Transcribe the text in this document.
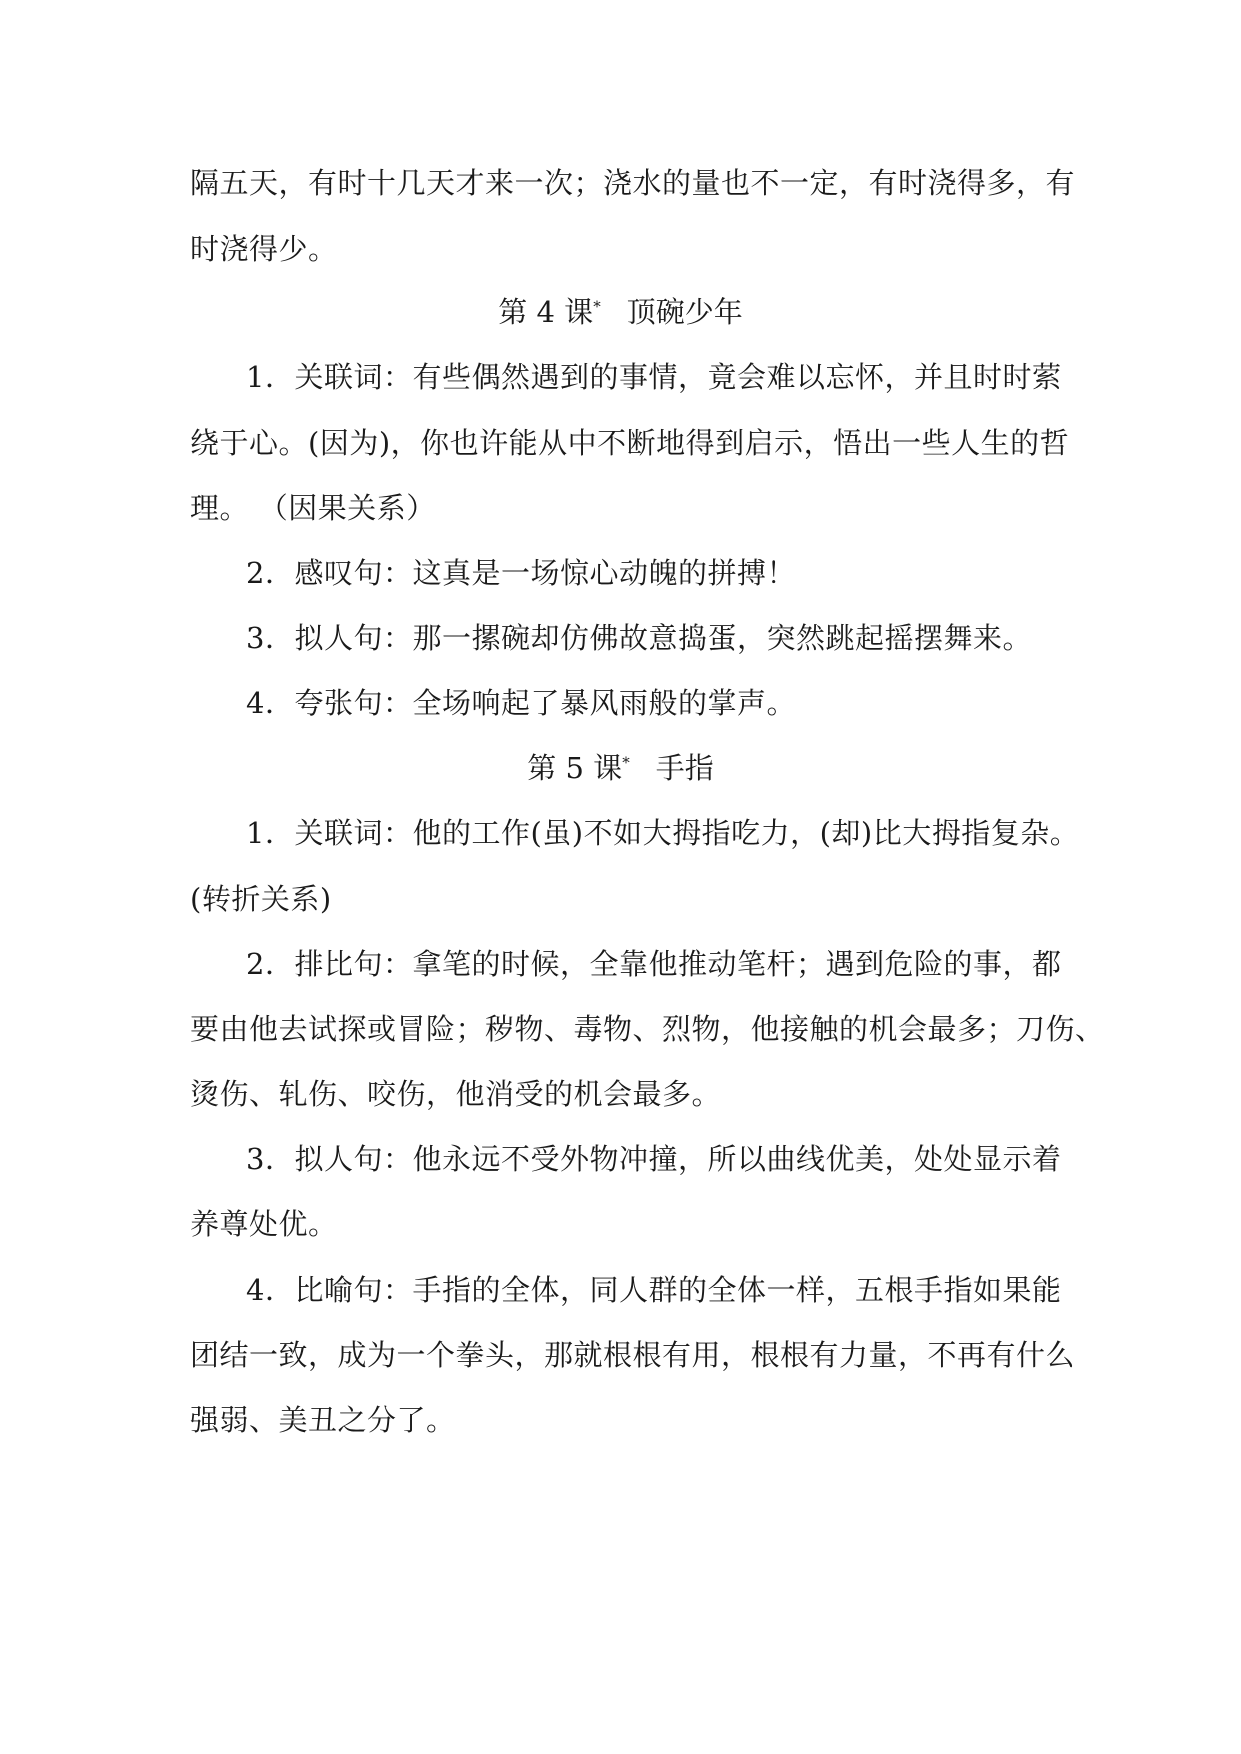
隔五天，有时十几天才来一次；浇水的量也不一定，有时浇得多，有
时浇得少。
第 4 课* 顶碗少年
1．关联词：有些偶然遇到的事情，竟会难以忘怀，并且时时萦
绕于心。(因为)，你也许能从中不断地得到启示，悟出一些人生的哲
理。 （因果关系）
2．感叹句：这真是一场惊心动魄的拼搏！
3．拟人句：那一摞碗却仿佛故意捣蛋，突然跳起摇摆舞来。
4．夸张句：全场响起了暴风雨般的掌声。
第 5 课* 手指
1．关联词：他的工作(虽)不如大拇指吃力，(却)比大拇指复杂。
(转折关系)
2．排比句：拿笔的时候，全靠他推动笔杆；遇到危险的事，都
要由他去试探或冒险；秽物、毒物、烈物，他接触的机会最多；刀伤、
烫伤、轧伤、咬伤，他消受的机会最多。
3．拟人句：他永远不受外物冲撞，所以曲线优美，处处显示着
养尊处优。
4．比喻句：手指的全体，同人群的全体一样，五根手指如果能
团结一致，成为一个拳头，那就根根有用，根根有力量，不再有什么
强弱、美丑之分了。
